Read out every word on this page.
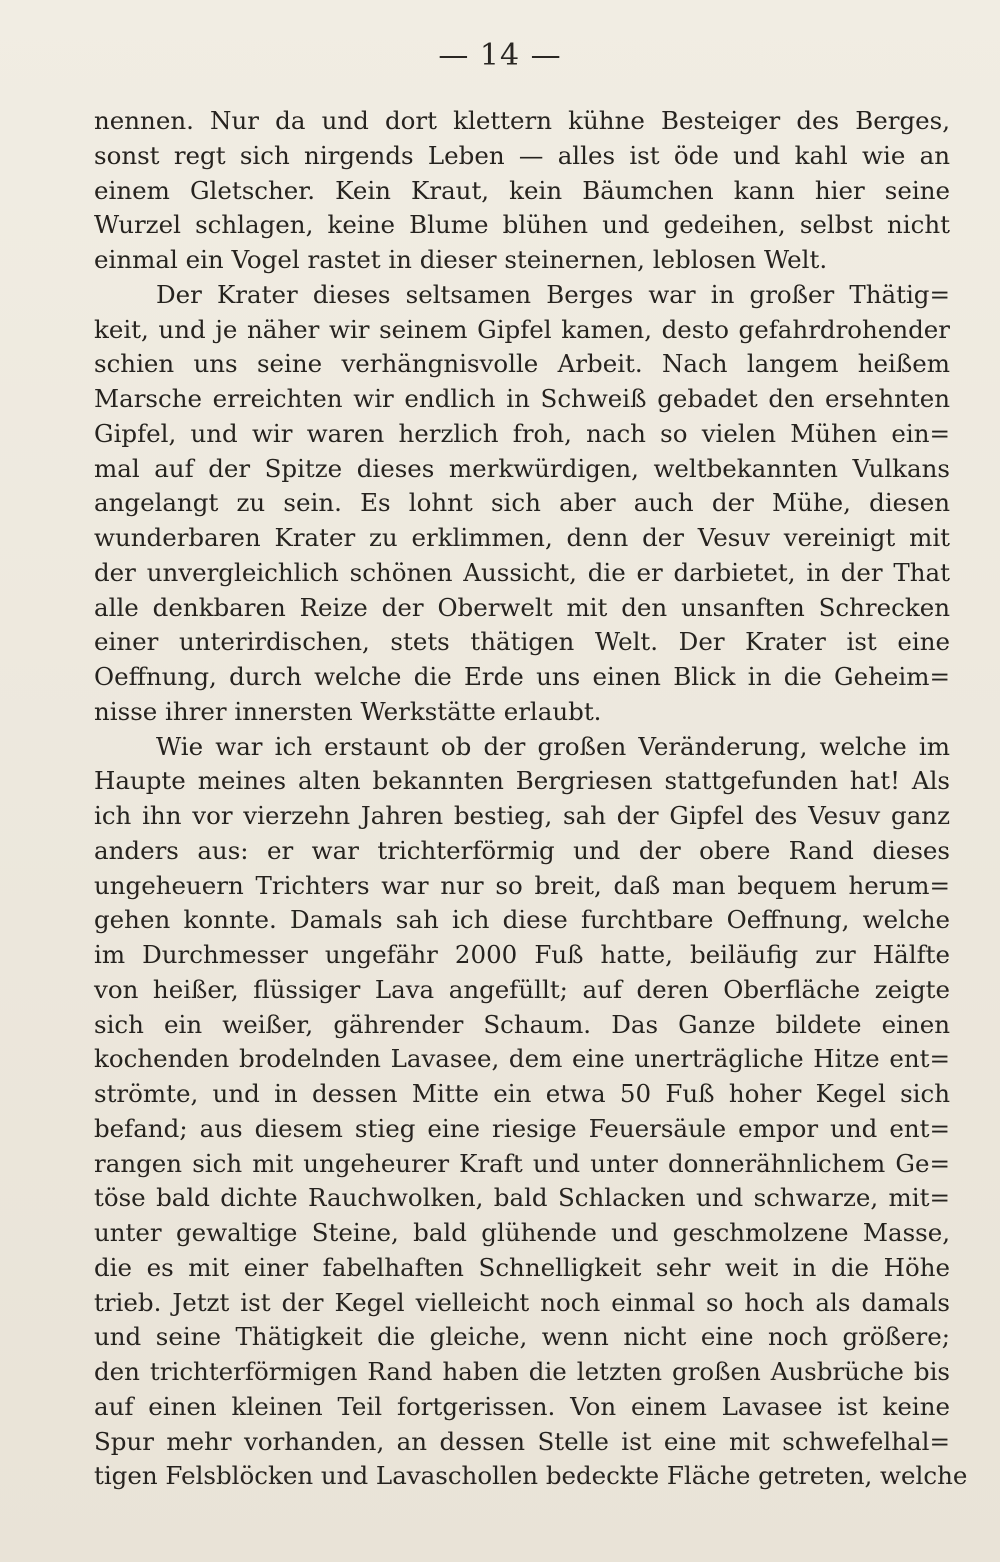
— 14 —
nennen. Nur da und dort klettern kühne Besteiger des Berges,
sonst regt sich nirgends Leben — alles ist öde und kahl wie an
einem Gletscher. Kein Kraut, kein Bäumchen kann hier seine
Wurzel schlagen, keine Blume blühen und gedeihen, selbst nicht
einmal ein Vogel rastet in dieser steinernen, leblosen Welt.
Der Krater dieses seltsamen Berges war in großer Thätig=
keit, und je näher wir seinem Gipfel kamen, desto gefahrdrohender
schien uns seine verhängnisvolle Arbeit. Nach langem heißem
Marsche erreichten wir endlich in Schweiß gebadet den ersehnten
Gipfel, und wir waren herzlich froh, nach so vielen Mühen ein=
mal auf der Spitze dieses merkwürdigen, weltbekannten Vulkans
angelangt zu sein. Es lohnt sich aber auch der Mühe, diesen
wunderbaren Krater zu erklimmen, denn der Vesuv vereinigt mit
der unvergleichlich schönen Aussicht, die er darbietet, in der That
alle denkbaren Reize der Oberwelt mit den unsanften Schrecken
einer unterirdischen, stets thätigen Welt. Der Krater ist eine
Oeffnung, durch welche die Erde uns einen Blick in die Geheim=
nisse ihrer innersten Werkstätte erlaubt.
Wie war ich erstaunt ob der großen Veränderung, welche im
Haupte meines alten bekannten Bergriesen stattgefunden hat! Als
ich ihn vor vierzehn Jahren bestieg, sah der Gipfel des Vesuv ganz
anders aus: er war trichterförmig und der obere Rand dieses
ungeheuern Trichters war nur so breit, daß man bequem herum=
gehen konnte. Damals sah ich diese furchtbare Oeffnung, welche
im Durchmesser ungefähr 2000 Fuß hatte, beiläufig zur Hälfte
von heißer, flüssiger Lava angefüllt; auf deren Oberfläche zeigte
sich ein weißer, gährender Schaum. Das Ganze bildete einen
kochenden brodelnden Lavasee, dem eine unerträgliche Hitze ent=
strömte, und in dessen Mitte ein etwa 50 Fuß hoher Kegel sich
befand; aus diesem stieg eine riesige Feuersäule empor und ent=
rangen sich mit ungeheurer Kraft und unter donnerähnlichem Ge=
töse bald dichte Rauchwolken, bald Schlacken und schwarze, mit=
unter gewaltige Steine, bald glühende und geschmolzene Masse,
die es mit einer fabelhaften Schnelligkeit sehr weit in die Höhe
trieb. Jetzt ist der Kegel vielleicht noch einmal so hoch als damals
und seine Thätigkeit die gleiche, wenn nicht eine noch größere;
den trichterförmigen Rand haben die letzten großen Ausbrüche bis
auf einen kleinen Teil fortgerissen. Von einem Lavasee ist keine
Spur mehr vorhanden, an dessen Stelle ist eine mit schwefelhal=
tigen Felsblöcken und Lavaschollen bedeckte Fläche getreten, welche
